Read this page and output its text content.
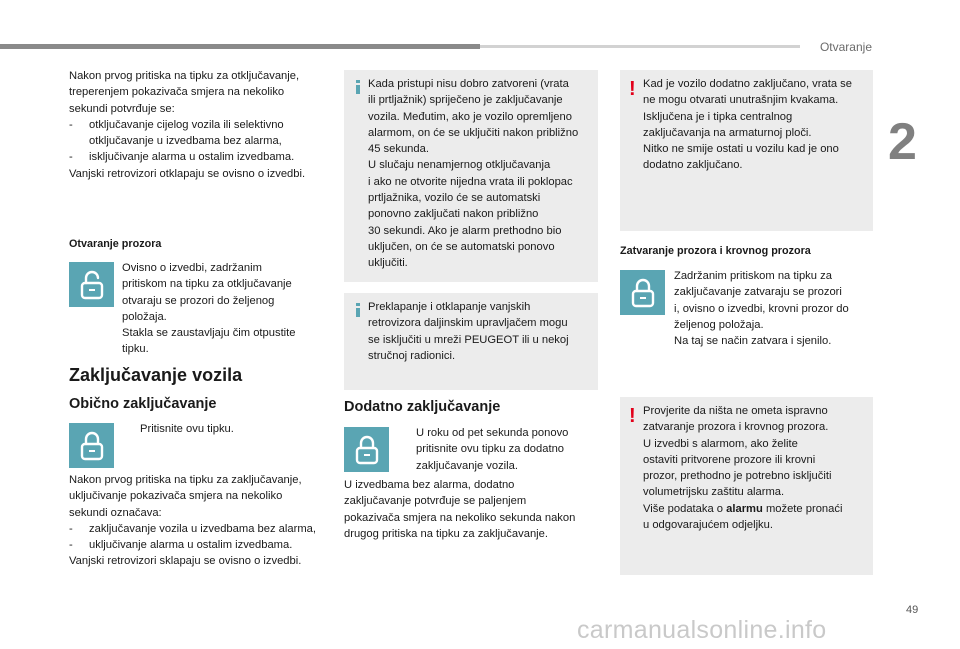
Otvaranje
2

Nakon prvog pritiska na tipku za otključavanje,

treperenjem pokazivača smjera na nekoliko

sekundi potvrđuje se:

- otključavanje cijelog vozila ili selektivno otključavanje u izvedbama bez alarma,
- isključivanje alarma u ostalim izvedbama.

Vanjski retrovizori otklapaju se ovisno o izvedbi.

Otvaranje prozora

Ovisno o izvedbi, zadržanim

pritiskom na tipku za otključavanje

otvaraju se prozori do željenog

položaja.

Stakla se zaustavljaju čim otpustite

tipku.

Zaključavanje vozila
Obično zaključavanje
Pritisnite ovu tipku.

Nakon prvog pritiska na tipku za zaključavanje,

uključivanje pokazivača smjera na nekoliko

sekundi označava:

- zaključavanje vozila u izvedbama bez alarma,
- uključivanje alarma u ostalim izvedbama.

Vanjski retrovizori sklapaju se ovisno o izvedbi.

Kada pristupi nisu dobro zatvoreni (vrata

ili prtljažnik) spriječeno je zaključavanje

vozila. Međutim, ako je vozilo opremljeno

alarmom, on će se uključiti nakon približno

45 sekunda.

U slučaju nenamjernog otključavanja

i ako ne otvorite nijedna vrata ili poklopac

prtljažnika, vozilo će se automatski

ponovno zaključati nakon približno

30 sekundi. Ako je alarm prethodno bio

uključen, on će se automatski ponovo

uključiti.

Preklapanje i otklapanje vanjskih

retrovizora daljinskim upravljačem mogu

se isključiti u mreži PEUGEOT ili u nekoj

stručnoj radionici.

Dodatno zaključavanje

U roku od pet sekunda ponovo

pritisnite ovu tipku za dodatno

zaključavanje vozila.

U izvedbama bez alarma, dodatno

zaključavanje potvrđuje se paljenjem

pokazivača smjera na nekoliko sekunda nakon

drugog pritiska na tipku za zaključavanje.

! Kad je vozilo dodatno zaključano, vrata se

ne mogu otvarati unutrašnjim kvakama.

Isključena je i tipka centralnog

zaključavanja na armaturnoj ploči.

Nitko ne smije ostati u vozilu kad je ono

dodatno zaključano.

Zatvaranje prozora i krovnog prozora

Zadržanim pritiskom na tipku za

zaključavanje zatvaraju se prozori

i, ovisno o izvedbi, krovni prozor do

željenog položaja.

Na taj se način zatvara i sjenilo.

! Provjerite da ništa ne ometa ispravno

zatvaranje prozora i krovnog prozora.

U izvedbi s alarmom, ako želite

ostaviti pritvorene prozore ili krovni

prozor, prethodno je potrebno isključiti

volumetrijsku zaštitu alarma.

Više podataka o alarmu možete pronaći

u odgovarajućem odjeljku.

49
carmanualsonline.info
